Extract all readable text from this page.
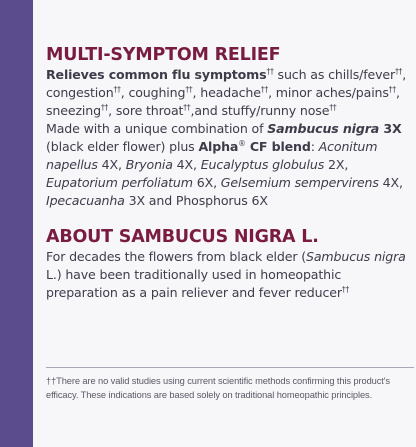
MULTI-SYMPTOM RELIEF

Relieves common flu symptoms†† such as chills/fever††, congestion††, coughing††, headache††, minor aches/pains††, sneezing††, sore throat††,and stuffy/runny nose††

Made with a unique combination of Sambucus nigra 3X (black elder flower) plus Alpha® CF blend: Aconitum napellus 4X, Bryonia 4X, Eucalyptus globulus 2X, Eupatorium perfoliatum 6X, Gelsemium sempervirens 4X, Ipecacuanha 3X and Phosphorus 6X

ABOUT SAMBUCUS NIGRA L.

For decades the flowers from black elder (Sambucus nigra L.) have been traditionally used in homeopathic preparation as a pain reliever and fever reducer††

††There are no valid studies using current scientific methods confirming this product's efficacy. These indications are based solely on traditional homeopathic principles.
